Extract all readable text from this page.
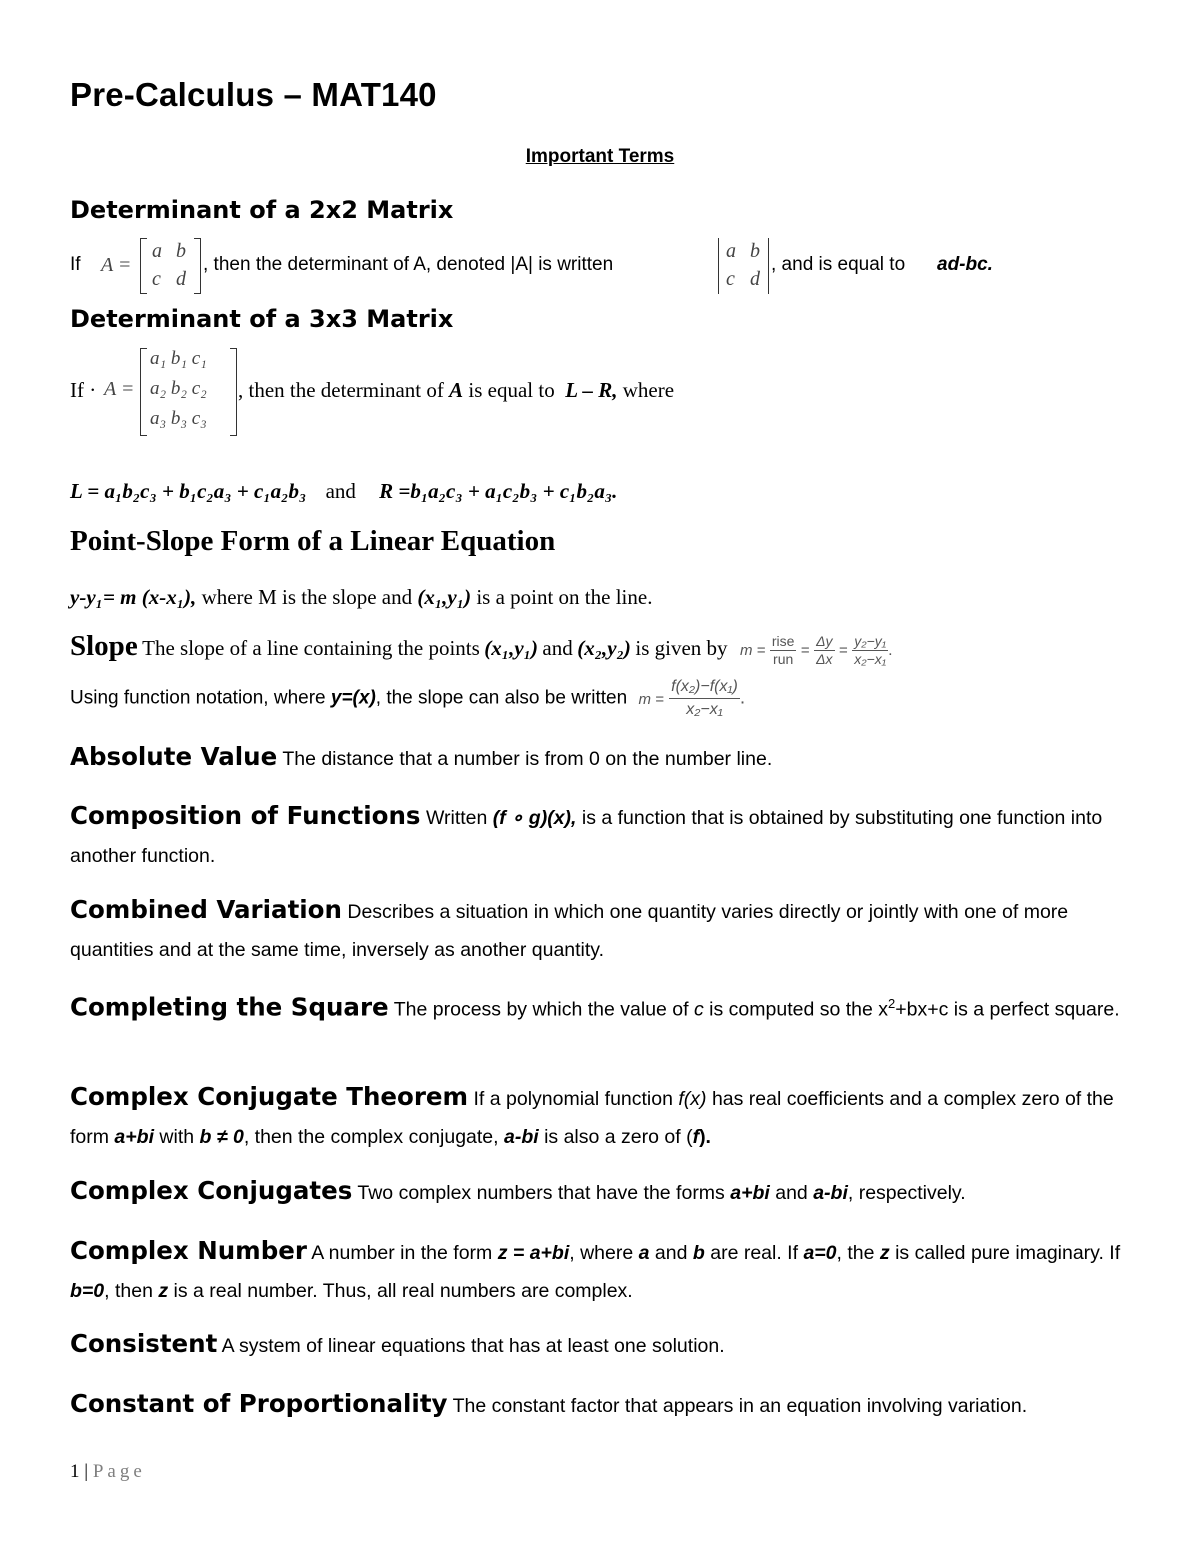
Pre-Calculus – MAT140
Important Terms
Determinant of a 2x2 Matrix
If A =
a b
c d
, then the determinant of A, denoted |A| is written
a b
c d
, and is equal to ad-bc.
Determinant of a 3x3 Matrix
If · A =
a₁ b₁ c₁
a₂ b₂ c₂
a₃ b₃ c₃
, then the determinant of A is equal to L – R, where
L = a₁b₂c₃ + b₁c₂a₃ + c₁a₂b₃ and R =b₁a₂c₃ + a₁c₂b₃ + c₁b₂a₃.
Point-Slope Form of a Linear Equation
y-y₁= m (x-x₁), where M is the slope and (x₁,y₁) is a point on the line.
Slope The slope of a line containing the points (x₁,y₁) and (x₂,y₂) is given by $m = \frac{\text{rise}}{\text{run}} = \frac{\Delta y}{\Delta x} = \frac{\text{y₂−y₁}}{\text{x₂−x₁}}$ .
Using function notation, where y=(x), the slope can also be written $m = \frac{\text{f(x₂)−f(x₁)}}{\text{x₂−x₁}}$ .
Absolute Value The distance that a number is from 0 on the number line.
Composition of Functions Written (f ∘ g)(x), is a function that is obtained by substituting one function into another function.
Combined Variation Describes a situation in which one quantity varies directly or jointly with one of more quantities and at the same time, inversely as another quantity.
Completing the Square The process by which the value of c is computed so the $x^2+bx+c$ is a perfect square.
Complex Conjugate Theorem If a polynomial function f(x) has real coefficients and a complex zero of the form a+bi with b ≠ 0, then the complex conjugate, a-bi is also a zero of (f).
Complex Conjugates Two complex numbers that have the forms a+bi and a-bi, respectively.
Complex Number A number in the form z = a+bi, where a and b are real. If a=0, the z is called pure imaginary. If b=0, then z is a real number. Thus, all real numbers are complex.
Consistent A system of linear equations that has at least one solution.
Constant of Proportionality The constant factor that appears in an equation involving variation.
1 | Page
